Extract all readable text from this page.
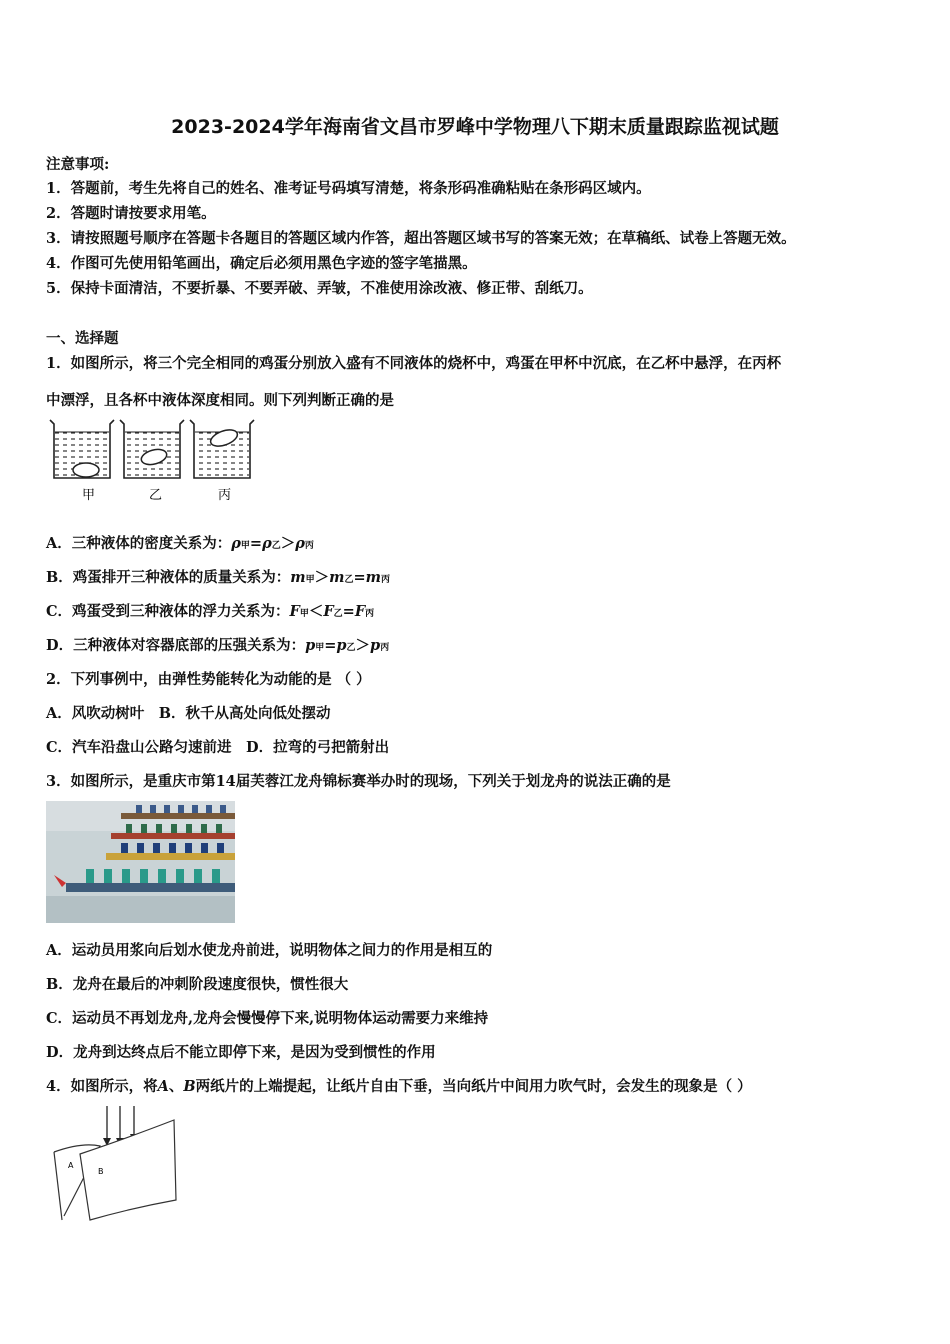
2023-2024学年海南省文昌市罗峰中学物理八下期末质量跟踪监视试题
注意事项:
1．答题前，考生先将自己的姓名、准考证号码填写清楚，将条形码准确粘贴在条形码区域内。
2．答题时请按要求用笔。
3．请按照题号顺序在答题卡各题目的答题区域内作答，超出答题区域书写的答案无效；在草稿纸、试卷上答题无效。
4．作图可先使用铅笔画出，确定后必须用黑色字迹的签字笔描黑。
5．保持卡面清洁，不要折暴、不要弄破、弄皱，不准使用涂改液、修正带、刮纸刀。
一、选择题
1．如图所示，将三个完全相同的鸡蛋分别放入盛有不同液体的烧杯中，鸡蛋在甲杯中沉底，在乙杯中悬浮，在丙杯
中漂浮，且各杯中液体深度相同。则下列判断正确的是
甲	乙	丙
A．三种液体的密度关系为：ρ甲=ρ乙＞ρ丙
B．鸡蛋排开三种液体的质量关系为：m甲＞m乙=m丙
C．鸡蛋受到三种液体的浮力关系为：F甲＜F乙=F丙
D．三种液体对容器底部的压强关系为：p甲=p乙＞p丙
2．下列事例中，由弹性势能转化为动能的是 （ ）
A．风吹动树叶　B．秋千从高处向低处摆动
C．汽车沿盘山公路匀速前进　D．拉弯的弓把箭射出
3．如图所示，是重庆市第14届芙蓉江龙舟锦标赛举办时的现场，下列关于划龙舟的说法正确的是
A．运动员用浆向后划水使龙舟前进，说明物体之间力的作用是相互的
B．龙舟在最后的冲刺阶段速度很快，惯性很大
C．运动员不再划龙舟,龙舟会慢慢停下来,说明物体运动需要力来维持
D．龙舟到达终点后不能立即停下来，是因为受到惯性的作用
4．如图所示，将A、B两纸片的上端提起，让纸片自由下垂，当向纸片中间用力吹气时，会发生的现象是（ ）
A
B
